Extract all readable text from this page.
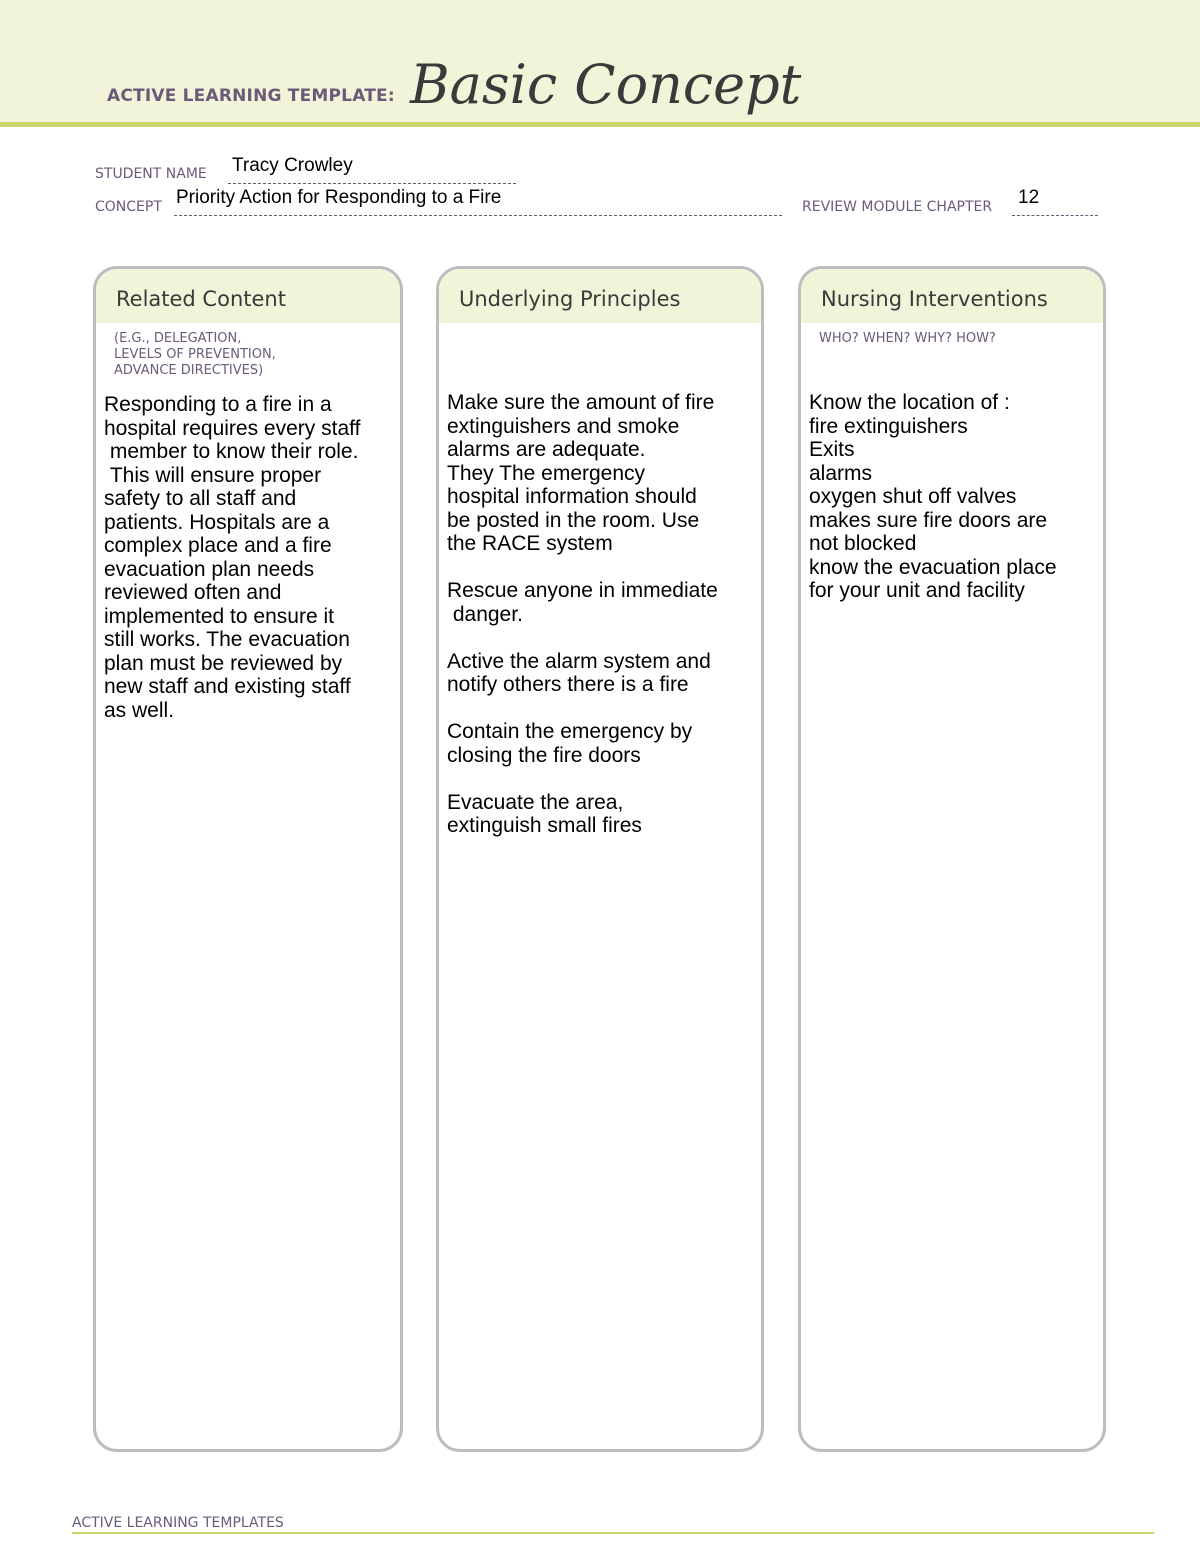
ACTIVE LEARNING TEMPLATE: Basic Concept
STUDENT NAME Tracy Crowley
CONCEPT Priority Action for Responding to a Fire	REVIEW MODULE CHAPTER 12
Related Content
(E.G., DELEGATION,
LEVELS OF PREVENTION,
ADVANCE DIRECTIVES)
Responding to a fire in a
hospital requires every staff
member to know their role.
This will ensure proper
safety to all staff and
patients. Hospitals are a
complex place and a fire
evacuation plan needs
reviewed often and
implemented to ensure it
still works. The evacuation
plan must be reviewed by
new staff and existing staff
as well.
Underlying Principles
Make sure the amount of fire
extinguishers and smoke
alarms are adequate.
They The emergency
hospital information should
be posted in the room. Use
the RACE system

Rescue anyone in immediate
danger.

Active the alarm system and
notify others there is a fire

Contain the emergency by
closing the fire doors

Evacuate the area,
extinguish small fires
Nursing Interventions
WHO? WHEN? WHY? HOW?
Know the location of :
fire extinguishers
Exits
alarms
oxygen shut off valves
makes sure fire doors are
not blocked
know the evacuation place
for your unit and facility
ACTIVE LEARNING TEMPLATES
